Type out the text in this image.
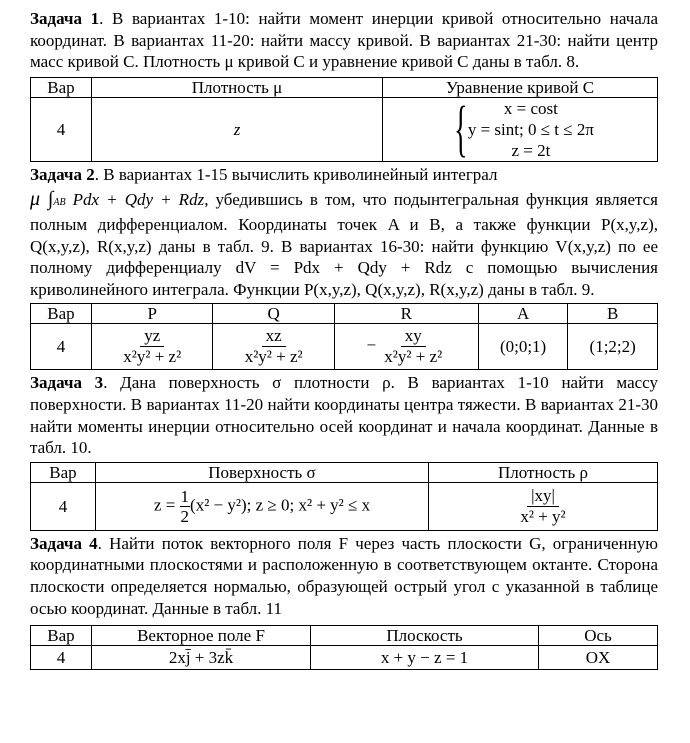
Задача 1. В вариантах 1-10: найти момент инерции кривой относительно начала координат. В вариантах 11-20: найти массу кривой. В вариантах 21-30: найти центр масс кривой C. Плотность μ кривой C и уравнение кривой C даны в табл. 8.

Вар	Плотность μ	Уравнение кривой C
4	z	{ x = cost
y = sint; 0 ≤ t ≤ 2π
z = 2t

Задача 2. В вариантах 1-15 вычислить криволинейный интеграл

μ ∫AB Pdx + Qdy + Rdz, убедившись в том, что подынтегральная функция является полным дифференциалом. Координаты точек A и B, а также функции P(x,y,z), Q(x,y,z), R(x,y,z) даны в табл. 9. В вариантах 16-30: найти функцию V(x,y,z) по ее полному дифференциалу dV = Pdx + Qdy + Rdz с помощью вычисления криволинейного интеграла. Функции P(x,y,z), Q(x,y,z), R(x,y,z) даны в табл. 9.

Вар	P	Q	R	A	B
4	$\frac{yz}{\text{x²y² + z²}}$	$\frac{xz}{\text{x²y² + z²}}$	− $\frac{xy}{\text{x²y² + z²}}$	(0;0;1)	(1;2;2)

Задача 3. Дана поверхность σ плотности ρ. В вариантах 1-10 найти массу поверхности. В вариантах 11-20 найти координаты центра тяжести. В вариантах 21-30 найти моменты инерции относительно осей координат и начала координат. Данные в табл. 10.

Вар	Поверхность σ	Плотность ρ
4	$z = \frac{1}{2} (x^2 - y^2)$; z ≥ 0; x² + y² ≤ x	$\frac{|xy|}{\text{x² + y²}}$

Задача 4. Найти поток векторного поля F через часть плоскости G, ограниченную координатными плоскостями и расположенную в соответствующем октанте. Сторона плоскости определяется нормалью, образующей острый угол с указанной в таблице осью координат. Данные в табл. 11

Вар	Векторное поле F	Плоскость	Ось
4	2xj̄ + 3zk̄	x + y − z = 1	OX
